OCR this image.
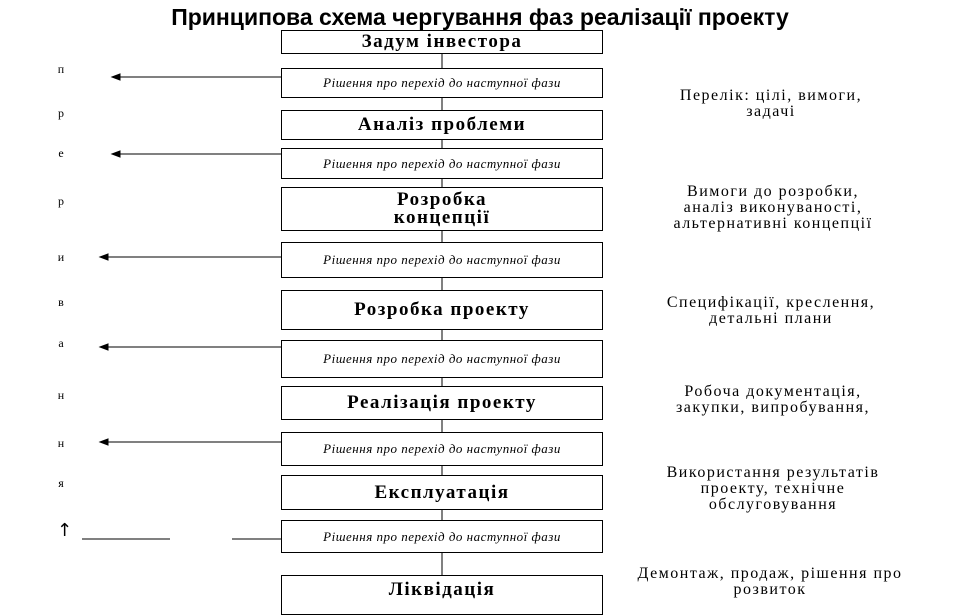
Принципова схема чергування фаз реалізації проекту
Задум інвестора
Аналіз проблеми
Розробка концепції
Розробка проекту
Реалізація проекту
Експлуатація
Ліквідація
Рішення про перехід до наступної фази
Рішення про перехід до наступної фази
Рішення про перехід до наступної фази
Рішення про перехід до наступної фази
Рішення про перехід до наступної фази
Рішення про перехід до наступної фази
Перелік: цілі, вимоги, задачі
Вимоги до розробки, аналіз виконуваності, альтернативні концепції
Специфікації, креслення, детальні плани
Робоча документація, закупки, випробування,
Використання результатів проекту, технічне обслуговування
Демонтаж, продаж, рішення про розвиток
п
р
е
р
и
в
а
н
н
я
↑
